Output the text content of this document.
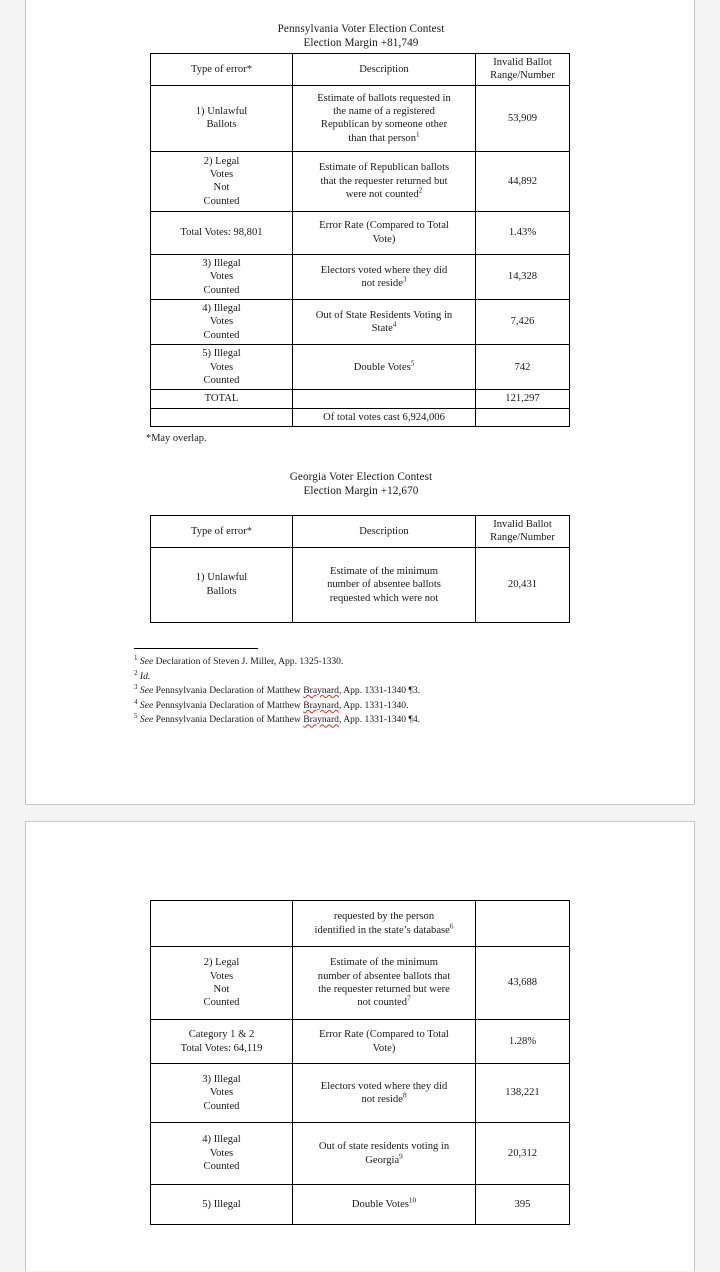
Pennsylvania Voter Election Contest
Election Margin +81,749
Type of error*	Description	Invalid Ballot
Range/Number

1) Unlawful
Ballots	Estimate of ballots requested in
the name of a registered
Republican by someone other
than that person$^1$	53,909

2) Legal
Votes
Not
Counted	Estimate of Republican ballots
that the requester returned but
were not counted$^2$	44,892

Total Votes: 98,801	Error Rate (Compared to Total
Vote)	1.43%

3) Illegal
Votes
Counted	Electors voted where they did
not reside$^3$	14,328

4) Illegal
Votes
Counted	Out of State Residents Voting in
State$^4$	7,426

5) Illegal
Votes
Counted	Double Votes$^5$	742
TOTAL		121,297
	Of total votes cast 6,924,006	
*May overlap.
Georgia Voter Election Contest
Election Margin +12,670
Type of error*	Description	Invalid Ballot
Range/Number

1) Unlawful
Ballots	Estimate of the minimum
number of absentee ballots
requested which were not	20,431
$^1$ See Declaration of Steven J. Miller, App. 1325-1330.
$^2$ Id.
$^3$ See Pennsylvania Declaration of Matthew Braynard, App. 1331-1340 ¶3.
$^4$ See Pennsylvania Declaration of Matthew Braynard, App. 1331-1340.
$^5$ See Pennsylvania Declaration of Matthew Braynard, App. 1331-1340 ¶4.

	requested by the person
identified in the state’s database$^6$

2) Legal
Votes
Not
Counted	Estimate of the minimum
number of absentee ballots that
the requester returned but were
not counted$^7$	43,688

Category 1 & 2
Total Votes: 64,119	Error Rate (Compared to Total
Vote)	1.28%

3) Illegal
Votes
Counted	Electors voted where they did
not reside$^8$	138,221

4) Illegal
Votes
Counted	Out of state residents voting in
Georgia$^9$	20,312

5) Illegal	Double Votes$^{10}$	395
